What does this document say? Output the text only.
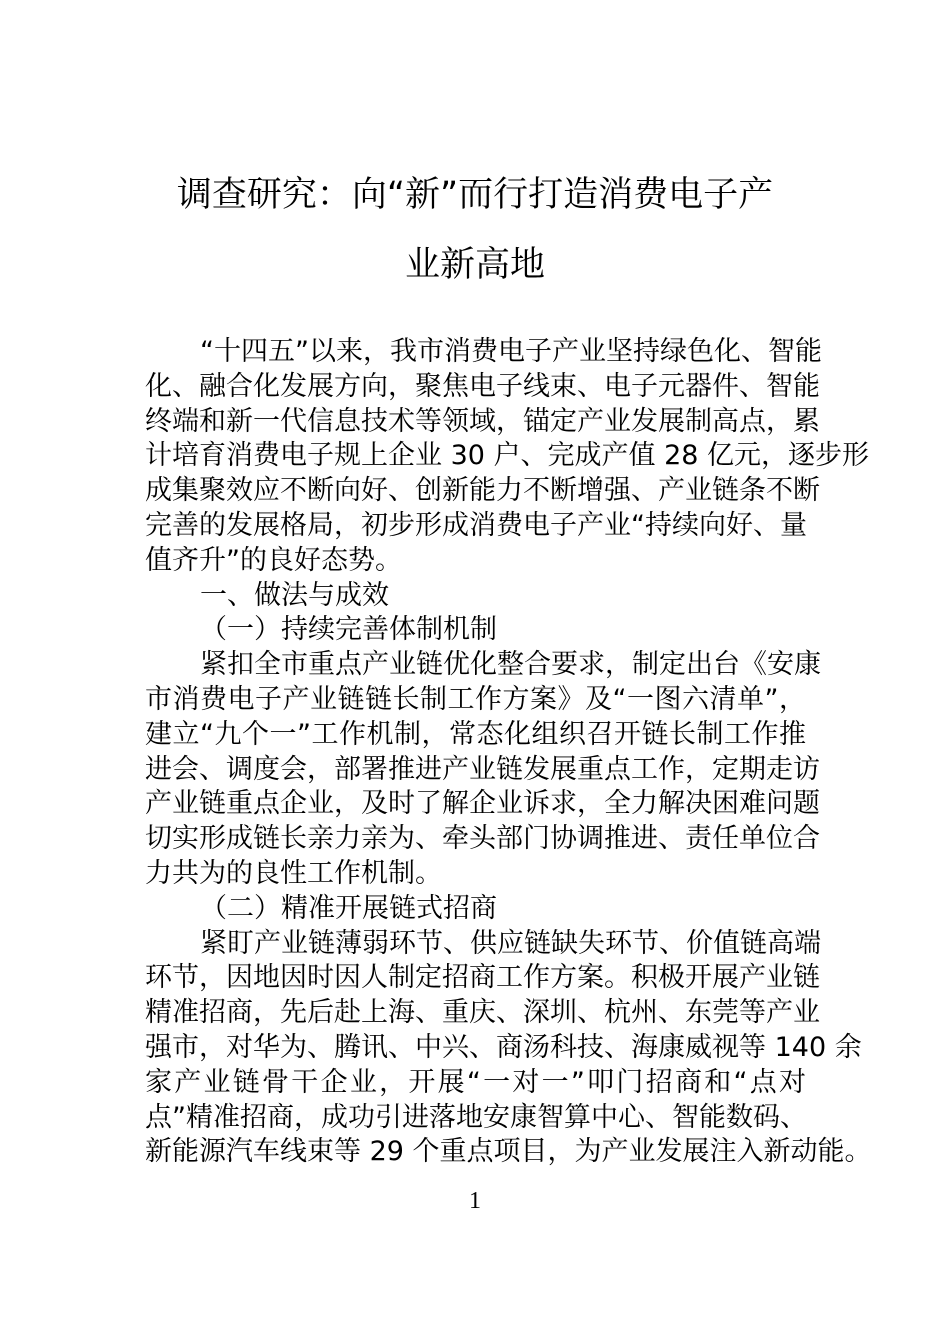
调查研究：向“新”而行打造消费电子产
业新高地
“十四五”以来，我市消费电子产业坚持绿色化、智能
化、融合化发展方向，聚焦电子线束、电子元器件、智能
终端和新一代信息技术等领域，锚定产业发展制高点，累
计培育消费电子规上企业 30 户、完成产值 28 亿元，逐步形
成集聚效应不断向好、创新能力不断增强、产业链条不断
完善的发展格局，初步形成消费电子产业“持续向好、量
值齐升”的良好态势。
一、做法与成效
（一）持续完善体制机制
紧扣全市重点产业链优化整合要求，制定出台《安康
市消费电子产业链链长制工作方案》及“一图六清单”，
建立“九个一”工作机制，常态化组织召开链长制工作推
进会、调度会，部署推进产业链发展重点工作，定期走访
产业链重点企业，及时了解企业诉求，全力解决困难问题
切实形成链长亲力亲为、牵头部门协调推进、责任单位合
力共为的良性工作机制。
（二）精准开展链式招商
紧盯产业链薄弱环节、供应链缺失环节、价值链高端
环节，因地因时因人制定招商工作方案。积极开展产业链
精准招商，先后赴上海、重庆、深圳、杭州、东莞等产业
强市，对华为、腾讯、中兴、商汤科技、海康威视等 140 余
家产业链骨干企业，开展“一对一”叩门招商和“点对
点”精准招商，成功引进落地安康智算中心、智能数码、
新能源汽车线束等 29 个重点项目，为产业发展注入新动能。
1
